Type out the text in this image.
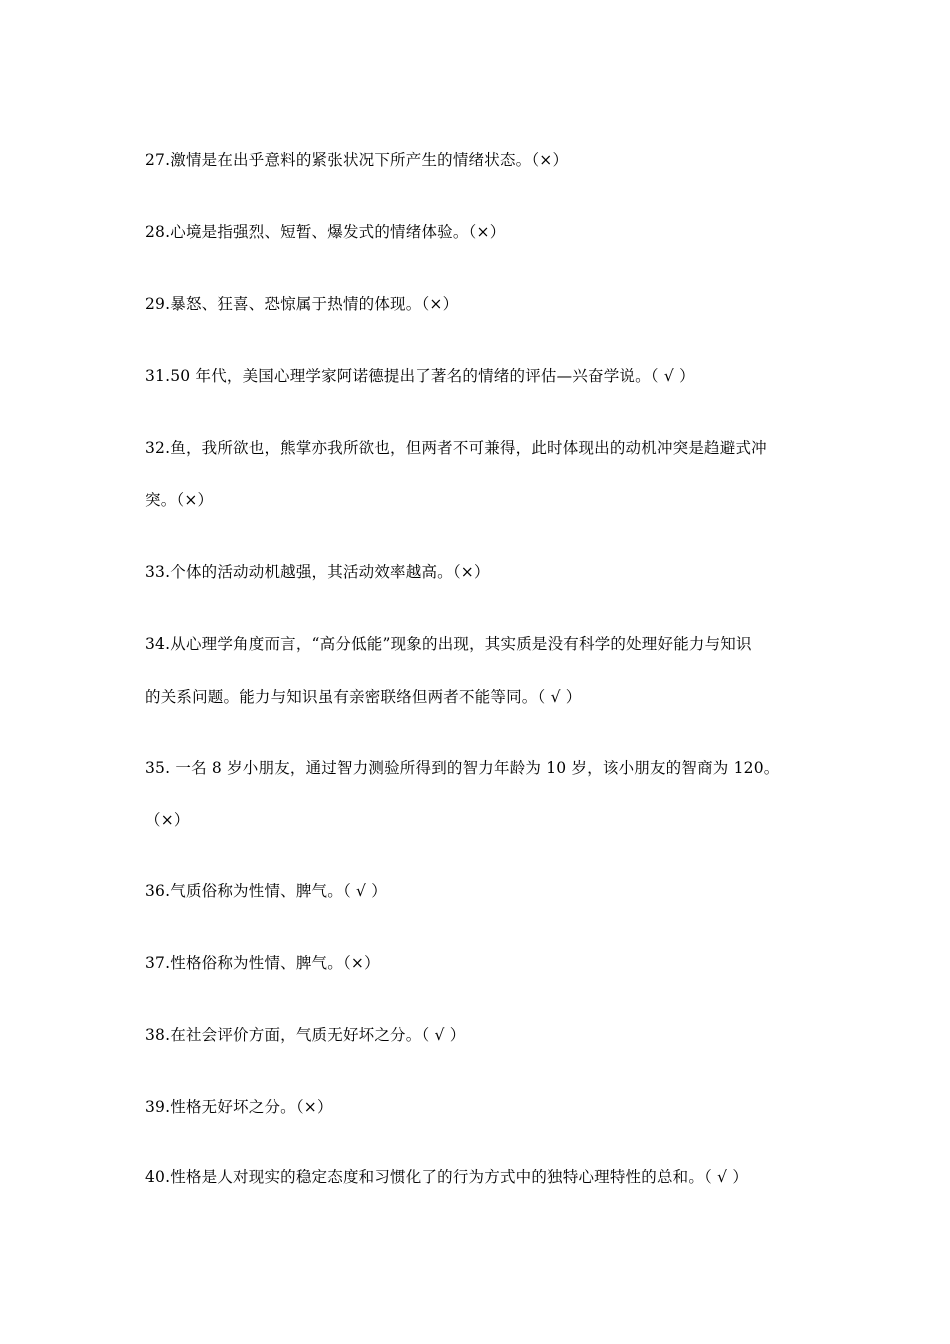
27.激情是在出乎意料的紧张状况下所产生的情绪状态。（×）
28.心境是指强烈、短暂、爆发式的情绪体验。（×）
29.暴怒、狂喜、恐惊属于热情的体现。（×）
31.50 年代，美国心理学家阿诺德提出了著名的情绪的评估—兴奋学说。（ √ ）
32.鱼，我所欲也，熊掌亦我所欲也，但两者不可兼得，此时体现出的动机冲突是趋避式冲
突。（×）
33.个体的活动动机越强，其活动效率越高。（×）
34.从心理学角度而言，“高分低能”现象的出现，其实质是没有科学的处理好能力与知识
的关系问题。能力与知识虽有亲密联络但两者不能等同。（ √ ）
35. 一名 8 岁小朋友，通过智力测验所得到的智力年龄为 10 岁，该小朋友的智商为 120。
（×）
36.气质俗称为性情、脾气。（ √ ）
37.性格俗称为性情、脾气。（×）
38.在社会评价方面，气质无好坏之分。（ √ ）
39.性格无好坏之分。（×）
40.性格是人对现实的稳定态度和习惯化了的行为方式中的独特心理特性的总和。（ √ ）
